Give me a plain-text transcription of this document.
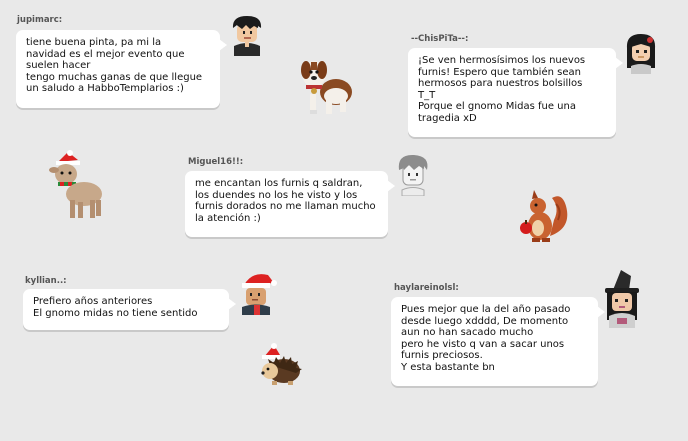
jupimarc:
tiene buena pinta, pa mi la
navidad es el mejor evento que
suelen hacer
tengo muchas ganas de que llegue
un saludo a HabboTemplarios :)
--ChisPiTa--:
¡Se ven hermosísimos los nuevos
furnis! Espero que también sean
hermosos para nuestros bolsillos
T_T
Porque el gnomo Midas fue una
tragedia xD
Miguel16!!:
me encantan los furnis q saldran,
los duendes no los he visto y los
furnis dorados no me llaman mucho
la atención :)
kyllian..:
Prefiero años anteriores
El gnomo midas no tiene sentido
haylareinolsl:
Pues mejor que la del año pasado
desde luego xdddd, De momento
aun no han sacado mucho
pero he visto q van a sacar unos
furnis preciosos.
Y esta bastante bn
